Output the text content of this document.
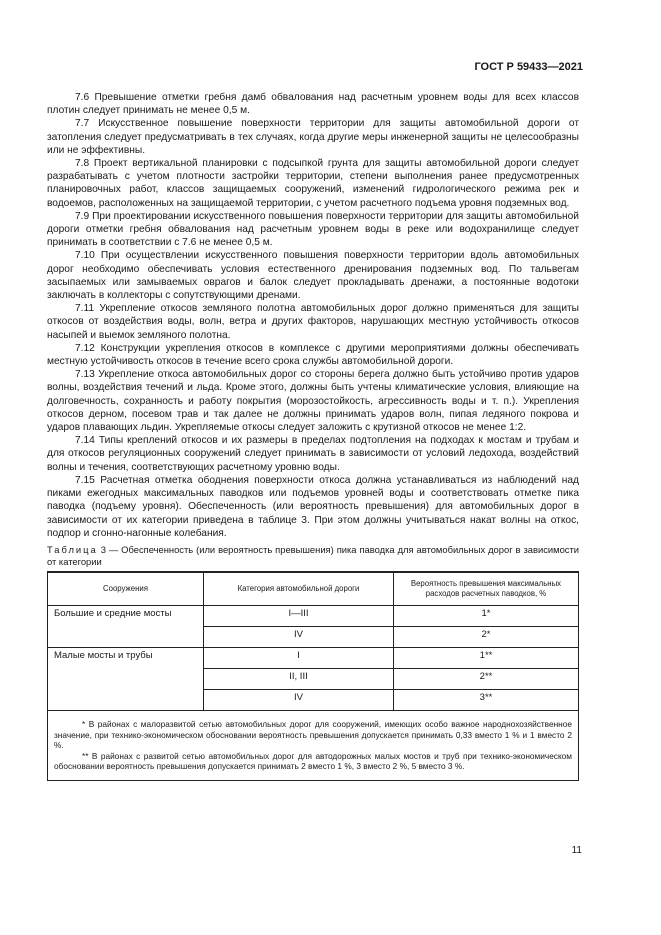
ГОСТ Р 59433—2021

7.6 Превышение отметки гребня дамб обвалования над расчетным уровнем воды для всех классов плотин следует принимать не менее 0,5 м.

7.7 Искусственное повышение поверхности территории для защиты автомобильной дороги от затопления следует предусматривать в тех случаях, когда другие меры инженерной защиты не целесообразны или не эффективны.

7.8 Проект вертикальной планировки с подсыпкой грунта для защиты автомобильной дороги следует разрабатывать с учетом плотности застройки территории, степени выполнения ранее предусмотренных планировочных работ, классов защищаемых сооружений, изменений гидрологического режима рек и водоемов, расположенных на защищаемой территории, с учетом расчетного подъема уровня подземных вод.

7.9 При проектировании искусственного повышения поверхности территории для защиты автомобильной дороги отметки гребня обвалования над расчетным уровнем воды в реке или водохранилище следует принимать в соответствии с 7.6 не менее 0,5 м.

7.10 При осуществлении искусственного повышения поверхности территории вдоль автомобильных дорог необходимо обеспечивать условия естественного дренирования подземных вод. По тальвегам засыпаемых или замываемых оврагов и балок следует прокладывать дренажи, а постоянные водотоки заключать в коллекторы с сопутствующими дренами.

7.11 Укрепление откосов земляного полотна автомобильных дорог должно применяться для защиты откосов от воздействия воды, волн, ветра и других факторов, нарушающих местную устойчивость откосов насыпей и выемок земляного полотна.

7.12 Конструкции укрепления откосов в комплексе с другими мероприятиями должны обеспечивать местную устойчивость откосов в течение всего срока службы автомобильной дороги.

7.13 Укрепление откоса автомобильных дорог со стороны берега должно быть устойчиво против ударов волны, воздействия течений и льда. Кроме этого, должны быть учтены климатические условия, влияющие на долговечность, сохранность и работу покрытия (морозостойкость, агрессивность воды и т. п.). Укрепления откосов дерном, посевом трав и так далее не должны принимать ударов волн, пипая ледяного покрова и ударов плавающих льдин. Укрепляемые откосы следует заложить с крутизной откосов не менее 1:2.

7.14 Типы креплений откосов и их размеры в пределах подтопления на подходах к мостам и трубам и для откосов регуляционных сооружений следует принимать в зависимости от условий ледохода, воздействий волны и течения, соответствующих расчетному уровню воды.

7.15 Расчетная отметка ободнения поверхности откоса должна устанавливаться из наблюдений над пиками ежегодных максимальных паводков или подъемов уровней воды и соответствовать отметке пика паводка (подъему уровня). Обеспеченность (или вероятность превышения) для автомобильных дорог в зависимости от их категории приведена в таблице 3. При этом должны учитываться накат волны на откос, подпор и сгонно-нагонные колебания.

Таблица 3 — Обеспеченность (или вероятность превышения) пика паводка для автомобильных дорог в зависимости от категории

Сооружения	Категория автомобильной дороги	Вероятность превышения максимальных расходов расчетных паводков, %
Большие и средние мосты	I—III	1*
	IV	2*
Малые мосты и трубы	I	1**
	II, III	2**
	IV	3**

* В районах с малоразвитой сетью автомобильных дорог для сооружений, имеющих особо важное народнохозяйственное значение, при технико-экономическом обосновании вероятность превышения допускается принимать 0,33 вместо 1 % и 1 вместо 2 %.

** В районах с развитой сетью автомобильных дорог для автодорожных малых мостов и труб при технико-экономическом обосновании вероятность превышения допускается принимать 2 вместо 1 %, 3 вместо 2 %, 5 вместо 3 %.		

11
